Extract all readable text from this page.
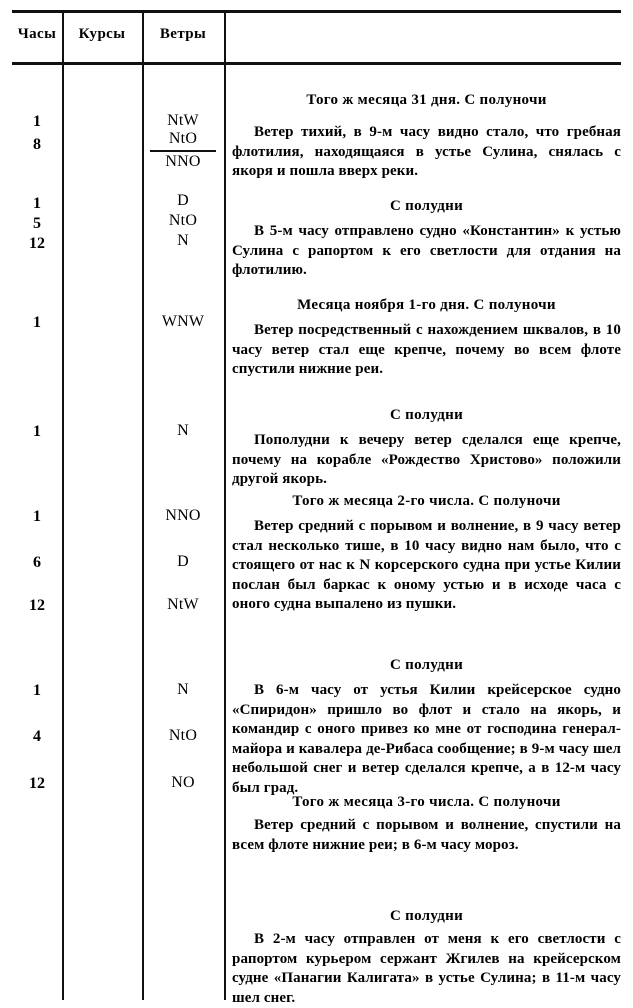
Часы	Курсы	Ветры
1
8
1
5
12
1
1
1
6
12
1
4
12
NtW
NtO
NNO
D
NtO
N
WNW
N
NNO
D
NtW
N
NtO
NO
Того ж месяца 31 дня. С полуночи
Ветер тихий, в 9-м часу видно стало, что гребная флотилия, находящаяся в устье Сулина, снялась с якоря и пошла вверх реки.
С полудни
В 5-м часу отправлено судно «Константин» к устью Сулина с рапортом к его светлости для отдания на флотилию.
Месяца ноября 1-го дня. С полуночи
Ветер посредственный с нахождением шквалов, в 10 часу ветер стал еще крепче, почему во всем флоте спустили нижние реи.
С полудни
Пополудни к вечеру ветер сделался еще крепче, почему на корабле «Рождество Христово» положили другой якорь.
Того ж месяца 2-го числа. С полуночи
Ветер средний с порывом и волнение, в 9 часу ветер стал несколько тише, в 10 часу видно нам было, что с стоящего от нас к N корсерского судна при устье Килии послан был баркас к оному устью и в исходе часа с оного судна выпалено из пушки.
С полудни
В 6-м часу от устья Килии крейсерское судно «Спиридон» пришло во флот и стало на якорь, и командир с оного привез ко мне от господина генерал-майора и кавалера де-Рибаса сообщение; в 9-м часу шел небольшой снег и ветер сделался крепче, а в 12-м часу был град.
Того ж месяца 3-го числа. С полуночи
Ветер средний с порывом и волнение, спустили на всем флоте нижние реи; в 6-м часу мороз.
С полудни
В 2-м часу отправлен от меня к его светлости с рапортом курьером сержант Жгилев на крейсерском судне «Панагии Калигата» в устье Сулина; в 11-м часу шел снег.
